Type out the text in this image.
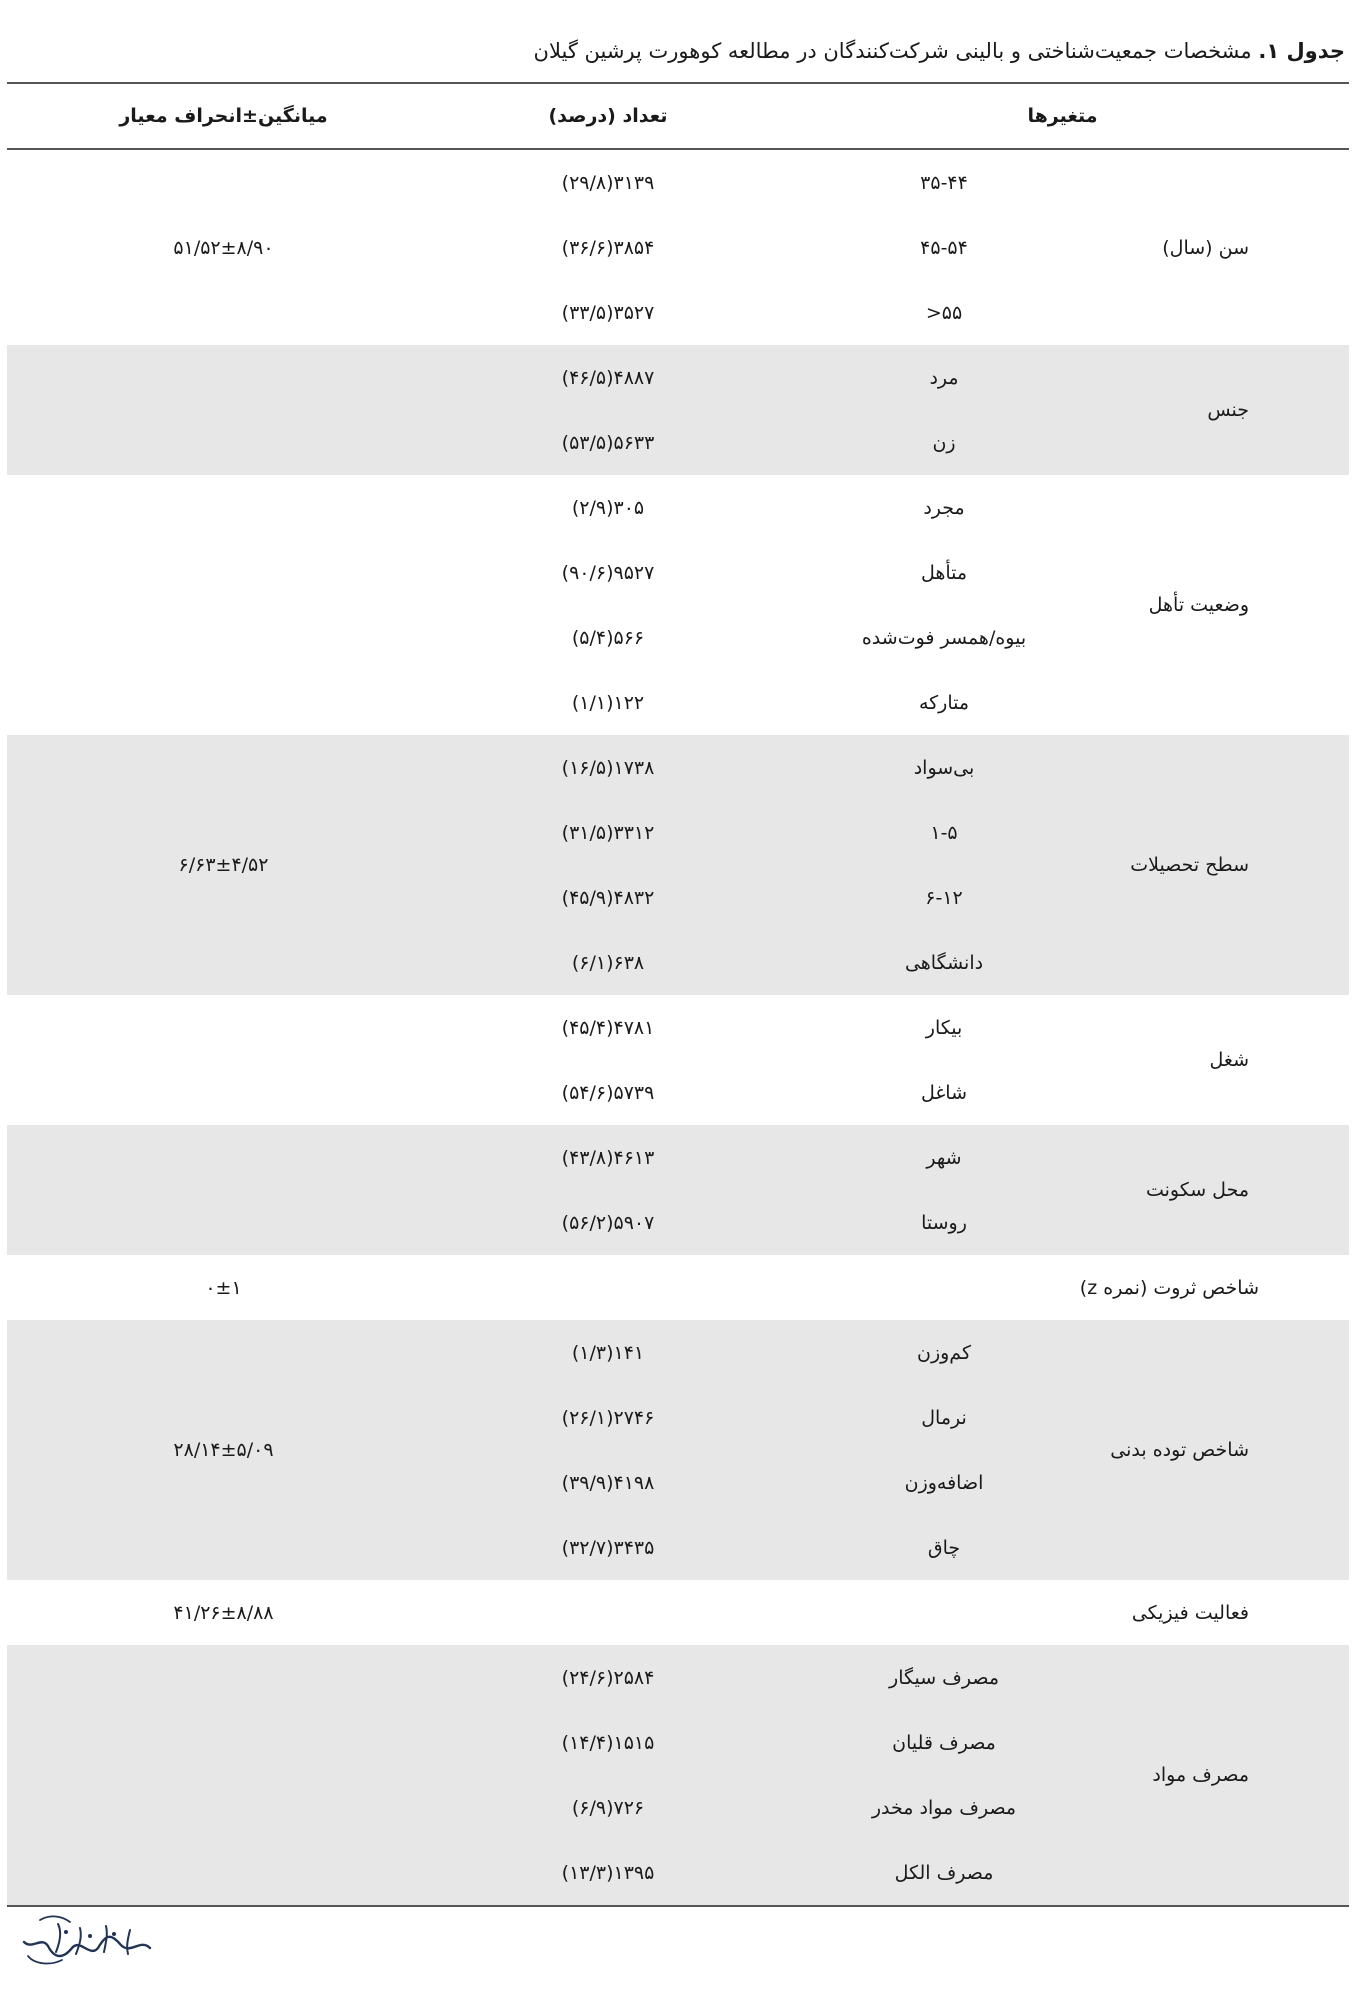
جدول ۱. مشخصات جمعیت‌شناختی و بالینی شرکت‌کنندگان در مطالعه کوهورت پرشین گیلان
متغیرها		تعداد (درصد)	میانگین±انحراف معیار
سن (سال)	۳۵-۴۴	۳۱۳۹(۲۹/۸)	۵۱/۵۲±۸/۹۰
	۴۵-۵۴	۳۸۵۴(۳۶/۶)	
	۵۵<	۳۵۲۷(۳۳/۵)	
جنس	مرد	۴۸۸۷(۴۶/۵)	
	زن	۵۶۳۳(۵۳/۵)	
وضعیت تأهل	مجرد	۳۰۵(۲/۹)	
	متأهل	۹۵۲۷(۹۰/۶)	
	بیوه/همسر فوت‌شده	۵۶۶(۵/۴)	
	متارکه	۱۲۲(۱/۱)	
سطح تحصیلات	بی‌سواد	۱۷۳۸(۱۶/۵)	۶/۶۳±۴/۵۲
	۱-۵	۳۳۱۲(۳۱/۵)	
	۶-۱۲	۴۸۳۲(۴۵/۹)	
	دانشگاهی	۶۳۸(۶/۱)	
شغل	بیکار	۴۷۸۱(۴۵/۴)	
	شاغل	۵۷۳۹(۵۴/۶)	
محل سکونت	شهر	۴۶۱۳(۴۳/۸)	
	روستا	۵۹۰۷(۵۶/۲)	
شاخص ثروت (نمره z)			۰±۱
شاخص توده بدنی	کم‌وزن	۱۴۱(۱/۳)	۲۸/۱۴±۵/۰۹
	نرمال	۲۷۴۶(۲۶/۱)	
	اضافه‌وزن	۴۱۹۸(۳۹/۹)	
	چاق	۳۴۳۵(۳۲/۷)	
فعالیت فیزیکی			۴۱/۲۶±۸/۸۸
مصرف مواد	مصرف سیگار	۲۵۸۴(۲۴/۶)	
	مصرف قلیان	۱۵۱۵(۱۴/۴)	
	مصرف مواد مخدر	۷۲۶(۶/۹)	
	مصرف الکل	۱۳۹۵(۱۳/۳)	
